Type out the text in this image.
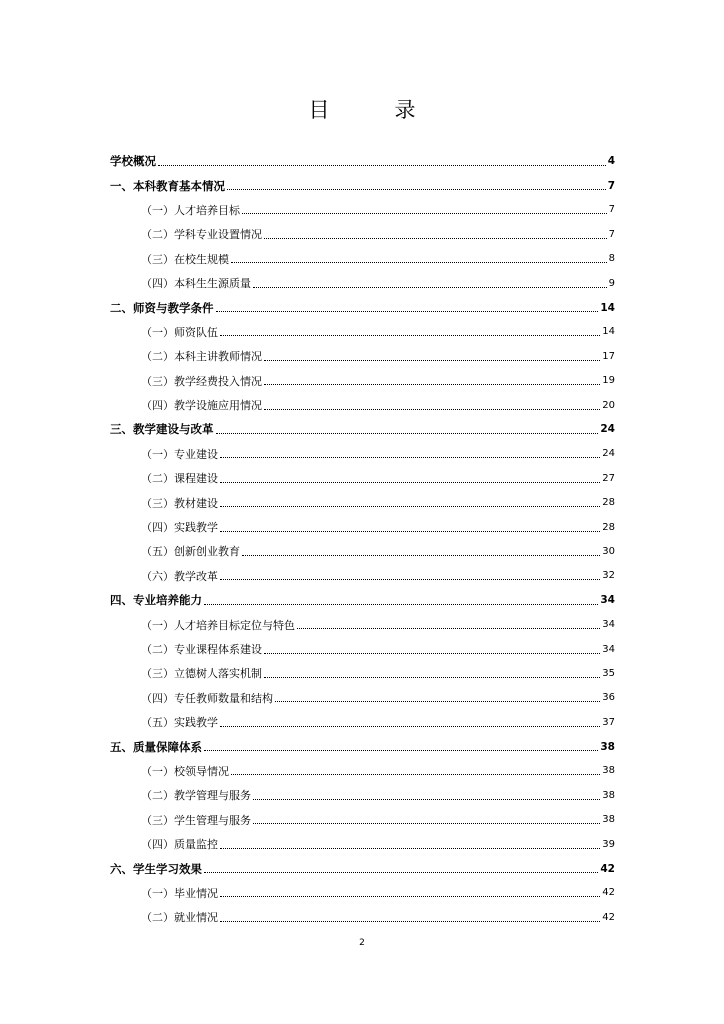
目　录
学校概况	4
一、本科教育基本情况	7
（一）人才培养目标	7
（二）学科专业设置情况	7
（三）在校生规模	8
（四）本科生生源质量	9
二、师资与教学条件	14
（一）师资队伍	14
（二）本科主讲教师情况	17
（三）教学经费投入情况	19
（四）教学设施应用情况	20
三、教学建设与改革	24
（一）专业建设	24
（二）课程建设	27
（三）教材建设	28
（四）实践教学	28
（五）创新创业教育	30
（六）教学改革	32
四、专业培养能力	34
（一）人才培养目标定位与特色	34
（二）专业课程体系建设	34
（三）立德树人落实机制	35
（四）专任教师数量和结构	36
（五）实践教学	37
五、质量保障体系	38
（一）校领导情况	38
（二）教学管理与服务	38
（三）学生管理与服务	38
（四）质量监控	39
六、学生学习效果	42
（一）毕业情况	42
（二）就业情况	42
2
